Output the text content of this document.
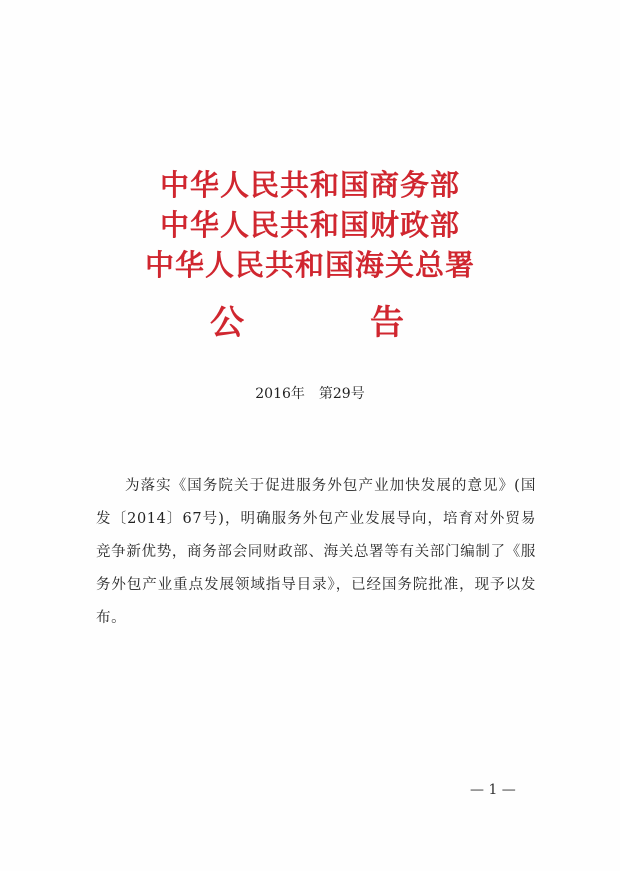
中华人民共和国商务部
中华人民共和国财政部
中华人民共和国海关总署
公	告
2016年　第29号

为落实《国务院关于促进服务外包产业加快发展的意见》(国发〔2014〕67号)，明确服务外包产业发展导向，培育对外贸易竞争新优势，商务部会同财政部、海关总署等有关部门编制了《服务外包产业重点发展领域指导目录》，已经国务院批准，现予以发布。

— 1 —
